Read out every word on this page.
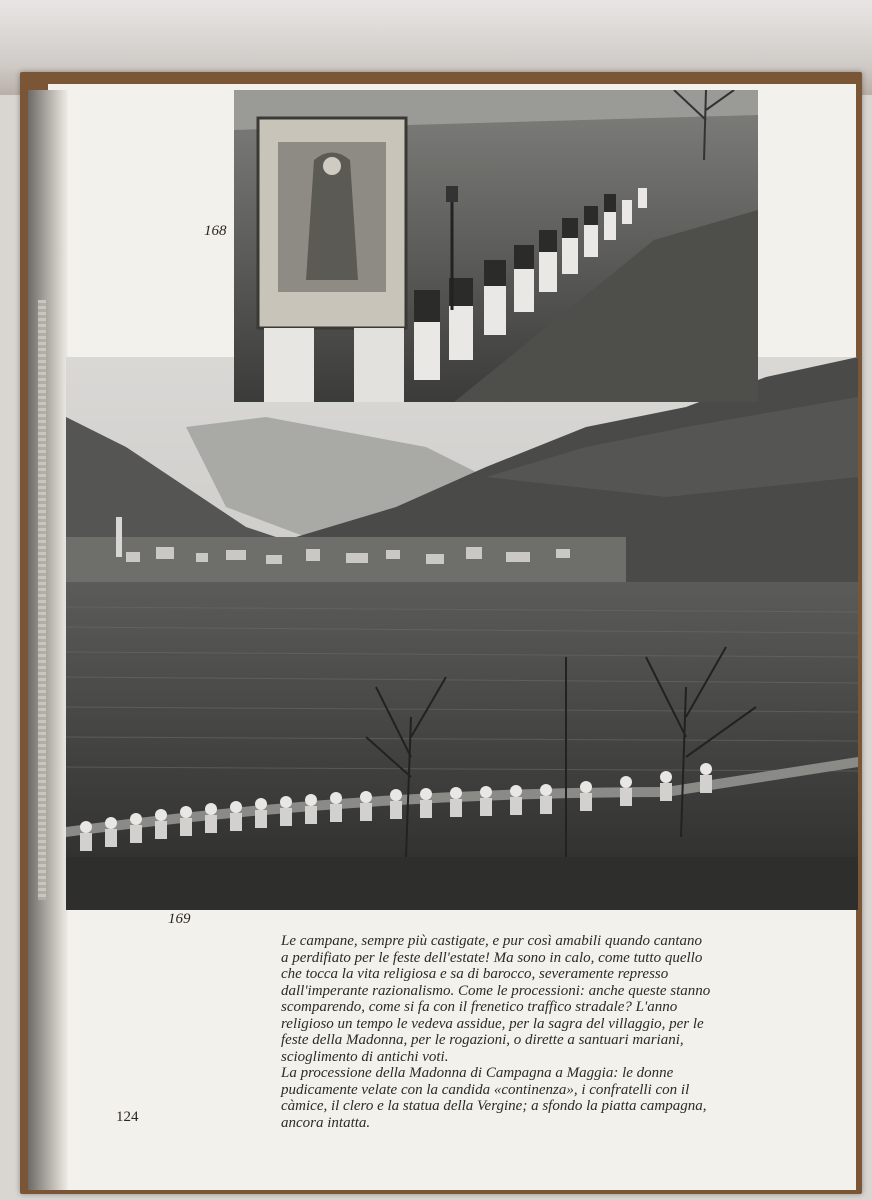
168
169

Le campane, sempre più castigate, e pur così amabili quando cantano a perdifiato per le feste dell'estate! Ma sono in calo, come tutto quello che tocca la vita religiosa e sa di barocco, severamente represso dall'imperante razionalismo. Come le processioni: anche queste stanno scomparendo, come si fa con il frenetico traffico stradale? L'anno religioso un tempo le vedeva assidue, per la sagra del villaggio, per le feste della Madonna, per le rogazioni, o dirette a santuari mariani, scioglimento di antichi voti.

La processione della Madonna di Campagna a Maggia: le donne pudicamente velate con la candida «continenza», i confratelli con il càmice, il clero e la statua della Vergine; a sfondo la piatta campagna, ancora intatta.

124
